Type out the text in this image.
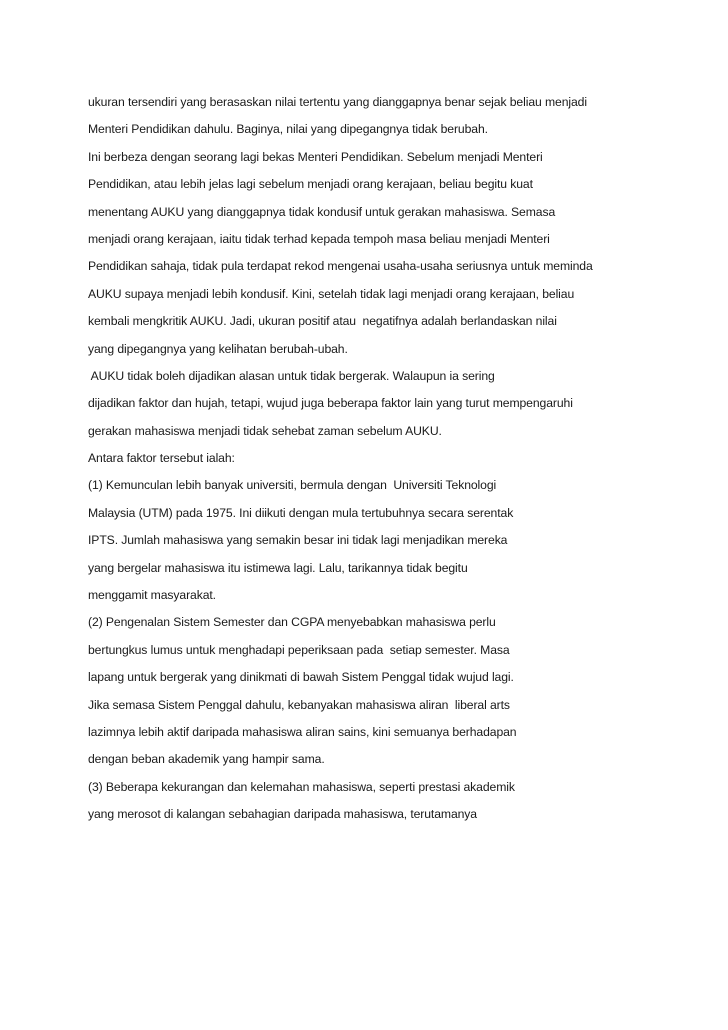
ukuran tersendiri yang berasaskan nilai tertentu yang dianggapnya benar sejak beliau menjadi
Menteri Pendidikan dahulu. Baginya, nilai yang dipegangnya tidak berubah.
Ini berbeza dengan seorang lagi bekas Menteri Pendidikan. Sebelum menjadi Menteri
Pendidikan, atau lebih jelas lagi sebelum menjadi orang kerajaan, beliau begitu kuat
menentang AUKU yang dianggapnya tidak kondusif untuk gerakan mahasiswa. Semasa
menjadi orang kerajaan, iaitu tidak terhad kepada tempoh masa beliau menjadi Menteri
Pendidikan sahaja, tidak pula terdapat rekod mengenai usaha-usaha seriusnya untuk meminda
AUKU supaya menjadi lebih kondusif. Kini, setelah tidak lagi menjadi orang kerajaan, beliau
kembali mengkritik AUKU. Jadi, ukuran positif atau  negatifnya adalah berlandaskan nilai
yang dipegangnya yang kelihatan berubah-ubah.
AUKU tidak boleh dijadikan alasan untuk tidak bergerak. Walaupun ia sering
dijadikan faktor dan hujah, tetapi, wujud juga beberapa faktor lain yang turut mempengaruhi
gerakan mahasiswa menjadi tidak sehebat zaman sebelum AUKU.
Antara faktor tersebut ialah:
(1) Kemunculan lebih banyak universiti, bermula dengan  Universiti Teknologi
Malaysia (UTM) pada 1975. Ini diikuti dengan mula tertubuhnya secara serentak
IPTS. Jumlah mahasiswa yang semakin besar ini tidak lagi menjadikan mereka
yang bergelar mahasiswa itu istimewa lagi. Lalu, tarikannya tidak begitu
menggamit masyarakat.
(2) Pengenalan Sistem Semester dan CGPA menyebabkan mahasiswa perlu
bertungkus lumus untuk menghadapi peperiksaan pada  setiap semester. Masa
lapang untuk bergerak yang dinikmati di bawah Sistem Penggal tidak wujud lagi.
Jika semasa Sistem Penggal dahulu, kebanyakan mahasiswa aliran  liberal arts
lazimnya lebih aktif daripada mahasiswa aliran sains, kini semuanya berhadapan
dengan beban akademik yang hampir sama.
(3) Beberapa kekurangan dan kelemahan mahasiswa, seperti prestasi akademik
yang merosot di kalangan sebahagian daripada mahasiswa, terutamanya
